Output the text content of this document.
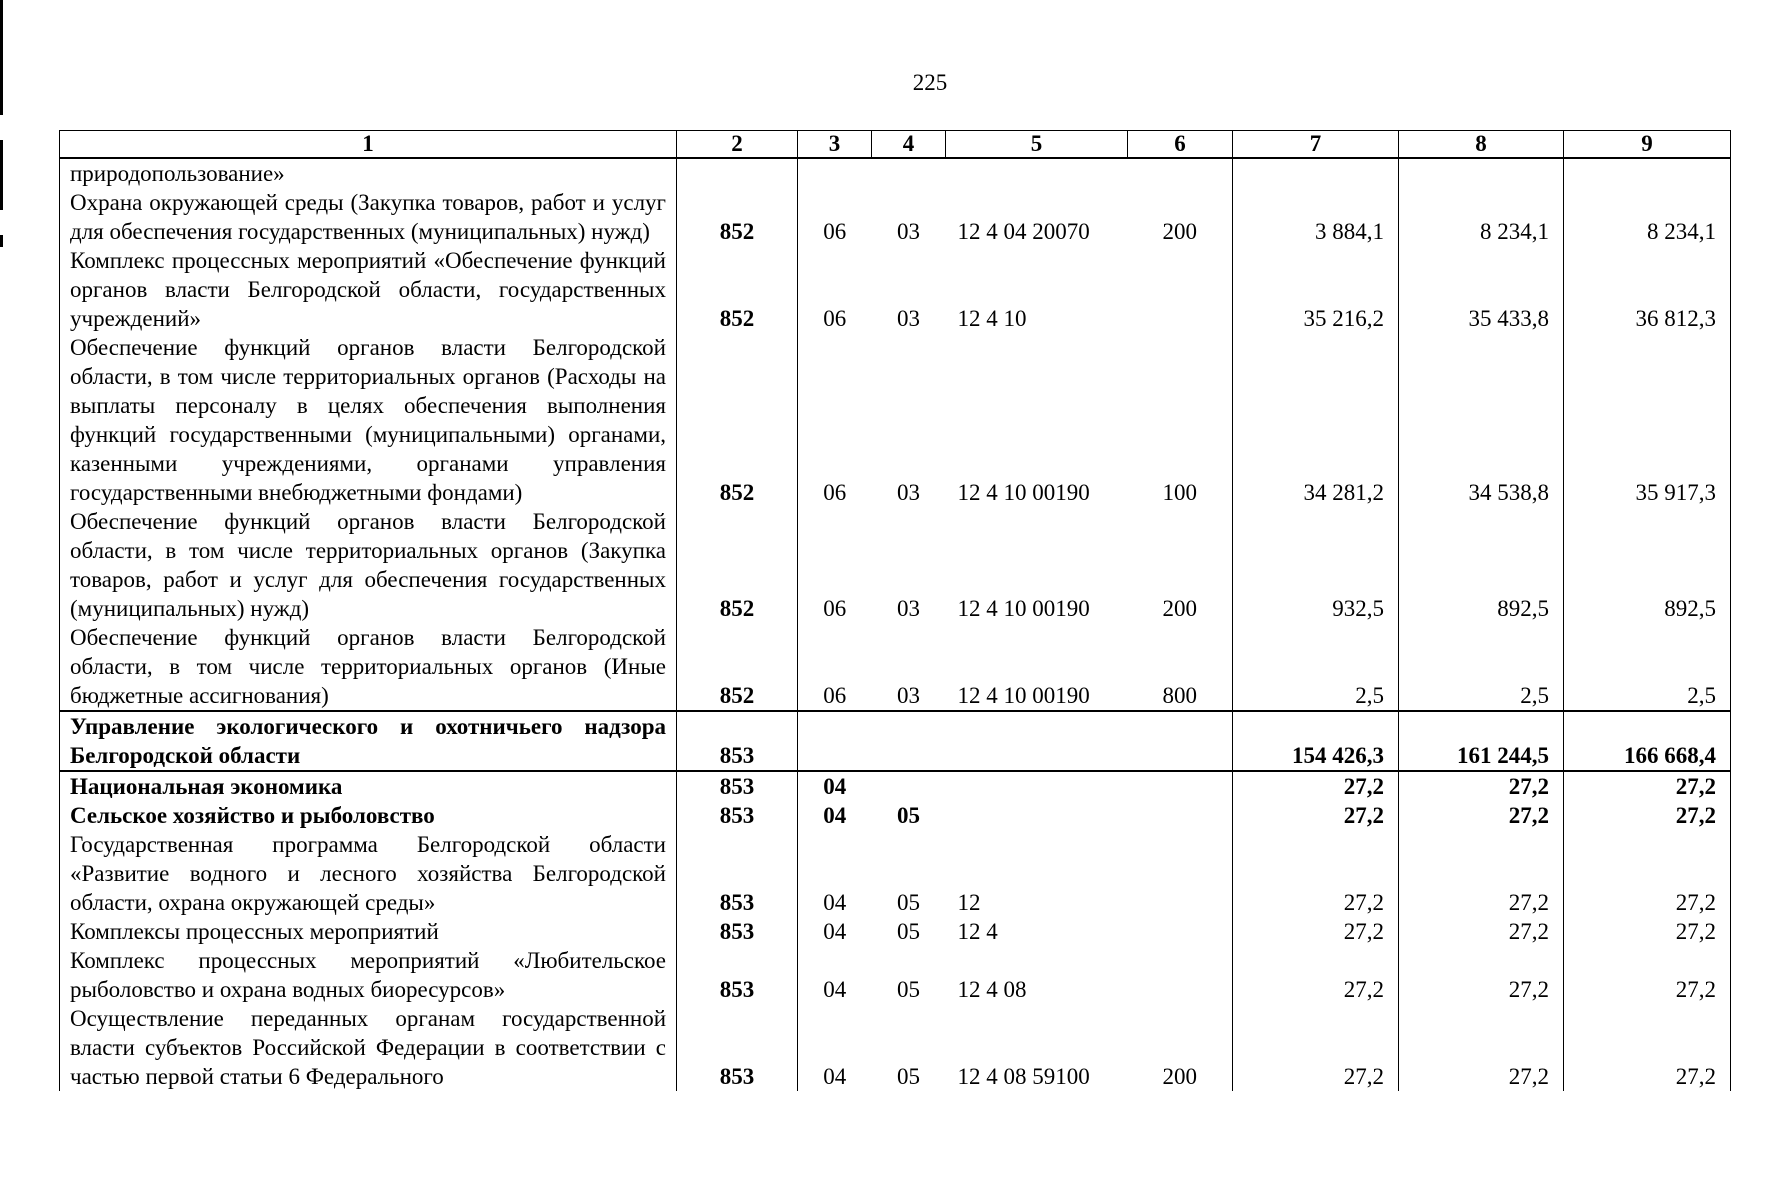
225
1	2	3	4	5	6	7	8	9
природопользование»								
Охрана окружающей среды (Закупка товаров, работ и услуг для обеспечения государственных (муниципальных) нужд)	852	06	03	12 4 04 20070	200	3 884,1	8 234,1	8 234,1
Комплекс процессных мероприятий «Обеспечение функций органов власти Белгородской области, государственных учреждений»	852	06	03	12 4 10		35 216,2	35 433,8	36 812,3
Обеспечение функций органов власти Белгородской области, в том числе территориальных органов (Расходы на выплаты персоналу в целях обеспечения выполнения функций государственными (муниципальными) органами, казенными учреждениями, органами управления государственными внебюджетными фондами)	852	06	03	12 4 10 00190	100	34 281,2	34 538,8	35 917,3
Обеспечение функций органов власти Белгородской области, в том числе территориальных органов (Закупка товаров, работ и услуг для обеспечения государственных (муниципальных) нужд)	852	06	03	12 4 10 00190	200	932,5	892,5	892,5
Обеспечение функций органов власти Белгородской области, в том числе территориальных органов (Иные бюджетные ассигнования)	852	06	03	12 4 10 00190	800	2,5	2,5	2,5
Управление экологического и охотничьего надзора Белгородской области	853					154 426,3	161 244,5	166 668,4
Национальная экономика	853	04				27,2	27,2	27,2
Сельское хозяйство и рыболовство	853	04	05			27,2	27,2	27,2
Государственная программа Белгородской области «Развитие водного и лесного хозяйства Белгородской области, охрана окружающей среды»	853	04	05	12		27,2	27,2	27,2
Комплексы процессных мероприятий	853	04	05	12 4		27,2	27,2	27,2
Комплекс процессных мероприятий «Любительское рыболовство и охрана водных биоресурсов»	853	04	05	12 4 08		27,2	27,2	27,2
Осуществление переданных органам государственной власти субъектов Российской Федерации в соответствии с частью первой статьи 6 Федерального	853	04	05	12 4 08 59100	200	27,2	27,2	27,2
